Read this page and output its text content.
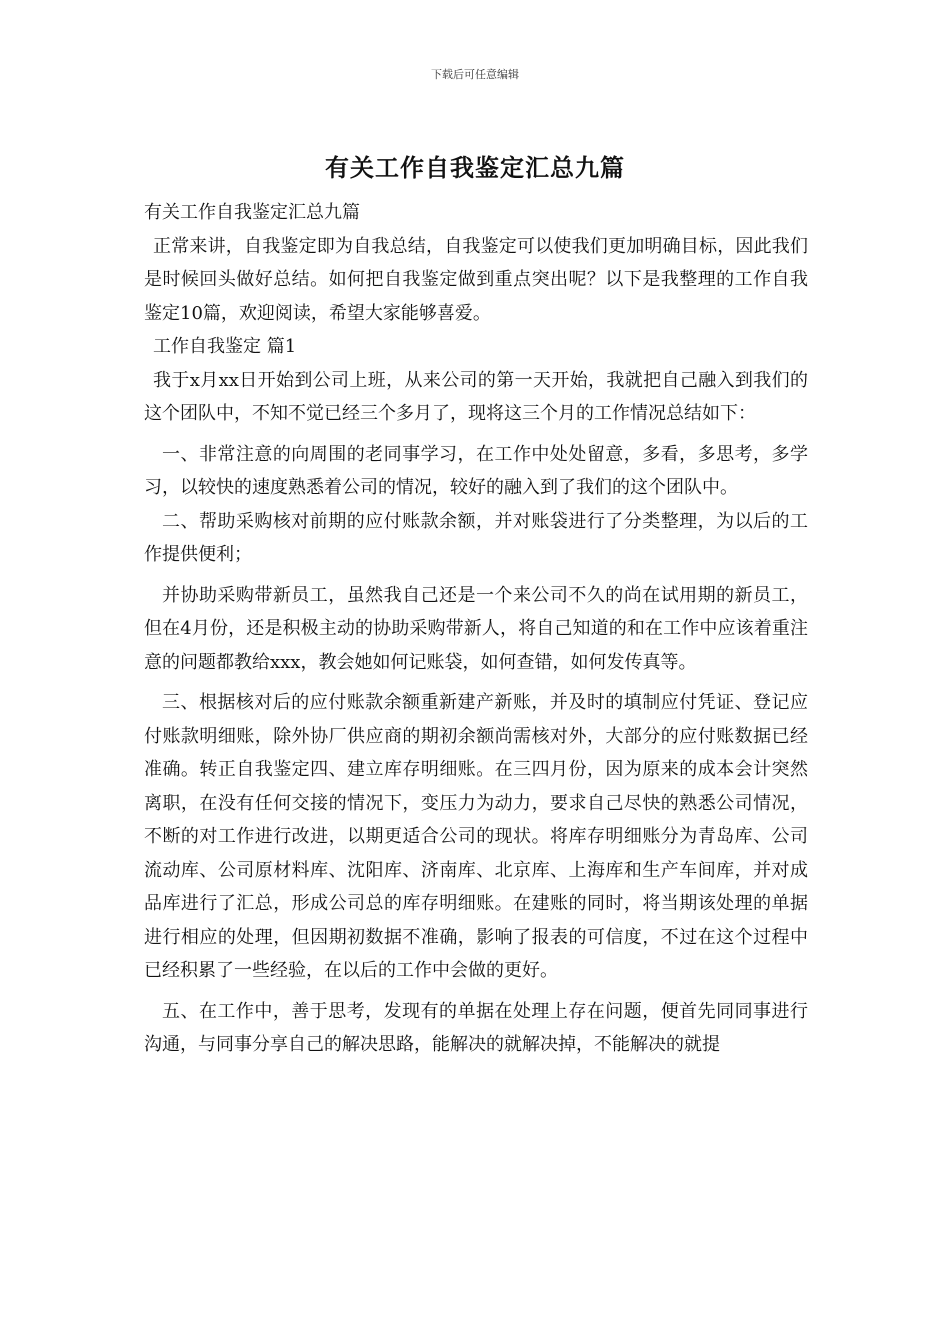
下载后可任意编辑
有关工作自我鉴定汇总九篇

有关工作自我鉴定汇总九篇

正常来讲，自我鉴定即为自我总结，自我鉴定可以使我们更加明确目标，因此我们是时候回头做好总结。如何把自我鉴定做到重点突出呢？以下是我整理的工作自我鉴定10篇，欢迎阅读，希望大家能够喜爱。

工作自我鉴定 篇1

我于x月xx日开始到公司上班，从来公司的第一天开始，我就把自己融入到我们的这个团队中，不知不觉已经三个多月了，现将这三个月的工作情况总结如下：

一、非常注意的向周围的老同事学习，在工作中处处留意，多看，多思考，多学习，以较快的速度熟悉着公司的情况，较好的融入到了我们的这个团队中。

二、帮助采购核对前期的应付账款余额，并对账袋进行了分类整理，为以后的工作提供便利；

并协助采购带新员工，虽然我自己还是一个来公司不久的尚在试用期的新员工，但在4月份，还是积极主动的协助采购带新人，将自己知道的和在工作中应该着重注意的问题都教给xxx，教会她如何记账袋，如何查错，如何发传真等。

三、根据核对后的应付账款余额重新建产新账，并及时的填制应付凭证、登记应付账款明细账，除外协厂供应商的期初余额尚需核对外，大部分的应付账数据已经准确。转正自我鉴定四、建立库存明细账。在三四月份，因为原来的成本会计突然离职，在没有任何交接的情况下，变压力为动力，要求自己尽快的熟悉公司情况，不断的对工作进行改进，以期更适合公司的现状。将库存明细账分为青岛库、公司流动库、公司原材料库、沈阳库、济南库、北京库、上海库和生产车间库，并对成品库进行了汇总，形成公司总的库存明细账。在建账的同时，将当期该处理的单据进行相应的处理，但因期初数据不准确，影响了报表的可信度，不过在这个过程中已经积累了一些经验，在以后的工作中会做的更好。

五、在工作中，善于思考，发现有的单据在处理上存在问题，便首先同同事进行沟通，与同事分享自己的解决思路，能解决的就解决掉，不能解决的就提
